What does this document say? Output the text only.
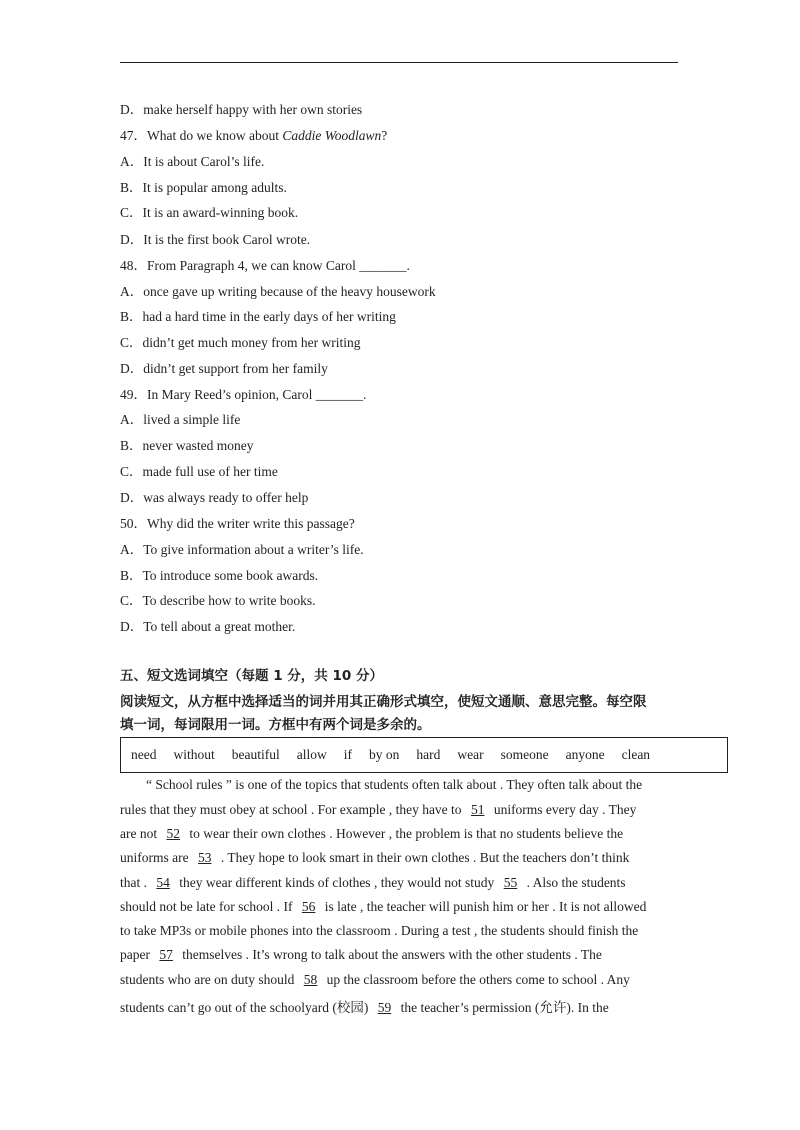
D．make herself happy with her own stories
47．What do we know about Caddie Woodlawn?
A．It is about Carol’s life.
B．It is popular among adults.
C．It is an award-winning book.
D．It is the first book Carol wrote.
48．From Paragraph 4, we can know Carol _______.
A．once gave up writing because of the heavy housework
B．had a hard time in the early days of her writing
C．didn’t get much money from her writing
D．didn’t get support from her family
49．In Mary Reed’s opinion, Carol _______.
A．lived a simple life
B．never wasted money
C．made full use of her time
D．was always ready to offer help
50．Why did the writer write this passage?
A．To give information about a writer’s life.
B．To introduce some book awards.
C．To describe how to write books.
D．To tell about a great mother.
五、短文选词填空（每题 1 分，共 10 分）
阅读短文，从方框中选择适当的词并用其正确形式填空，使短文通顺、意思完整。每空限
填一词，每词限用一词。方框中有两个词是多余的。
need without beautiful allow if by on hard wear someone anyone clean
“ School rules ” is one of the topics that students often talk about . They often talk about the
rules that they must obey at school . For example , they have to 51 uniforms every day . They
are not 52 to wear their own clothes . However , the problem is that no students believe the
uniforms are 53 . They hope to look smart in their own clothes . But the teachers don’t think
that . 54 they wear different kinds of clothes , they would not study 55 . Also the students
should not be late for school . If 56 is late , the teacher will punish him or her . It is not allowed
to take MP3s or mobile phones into the classroom . During a test , the students should finish the
paper 57 themselves . It’s wrong to talk about the answers with the other students . The
students who are on duty should 58 up the classroom before the others come to school . Any
students can’t go out of the schoolyard (校园) 59 the teacher’s permission (允许). In the
